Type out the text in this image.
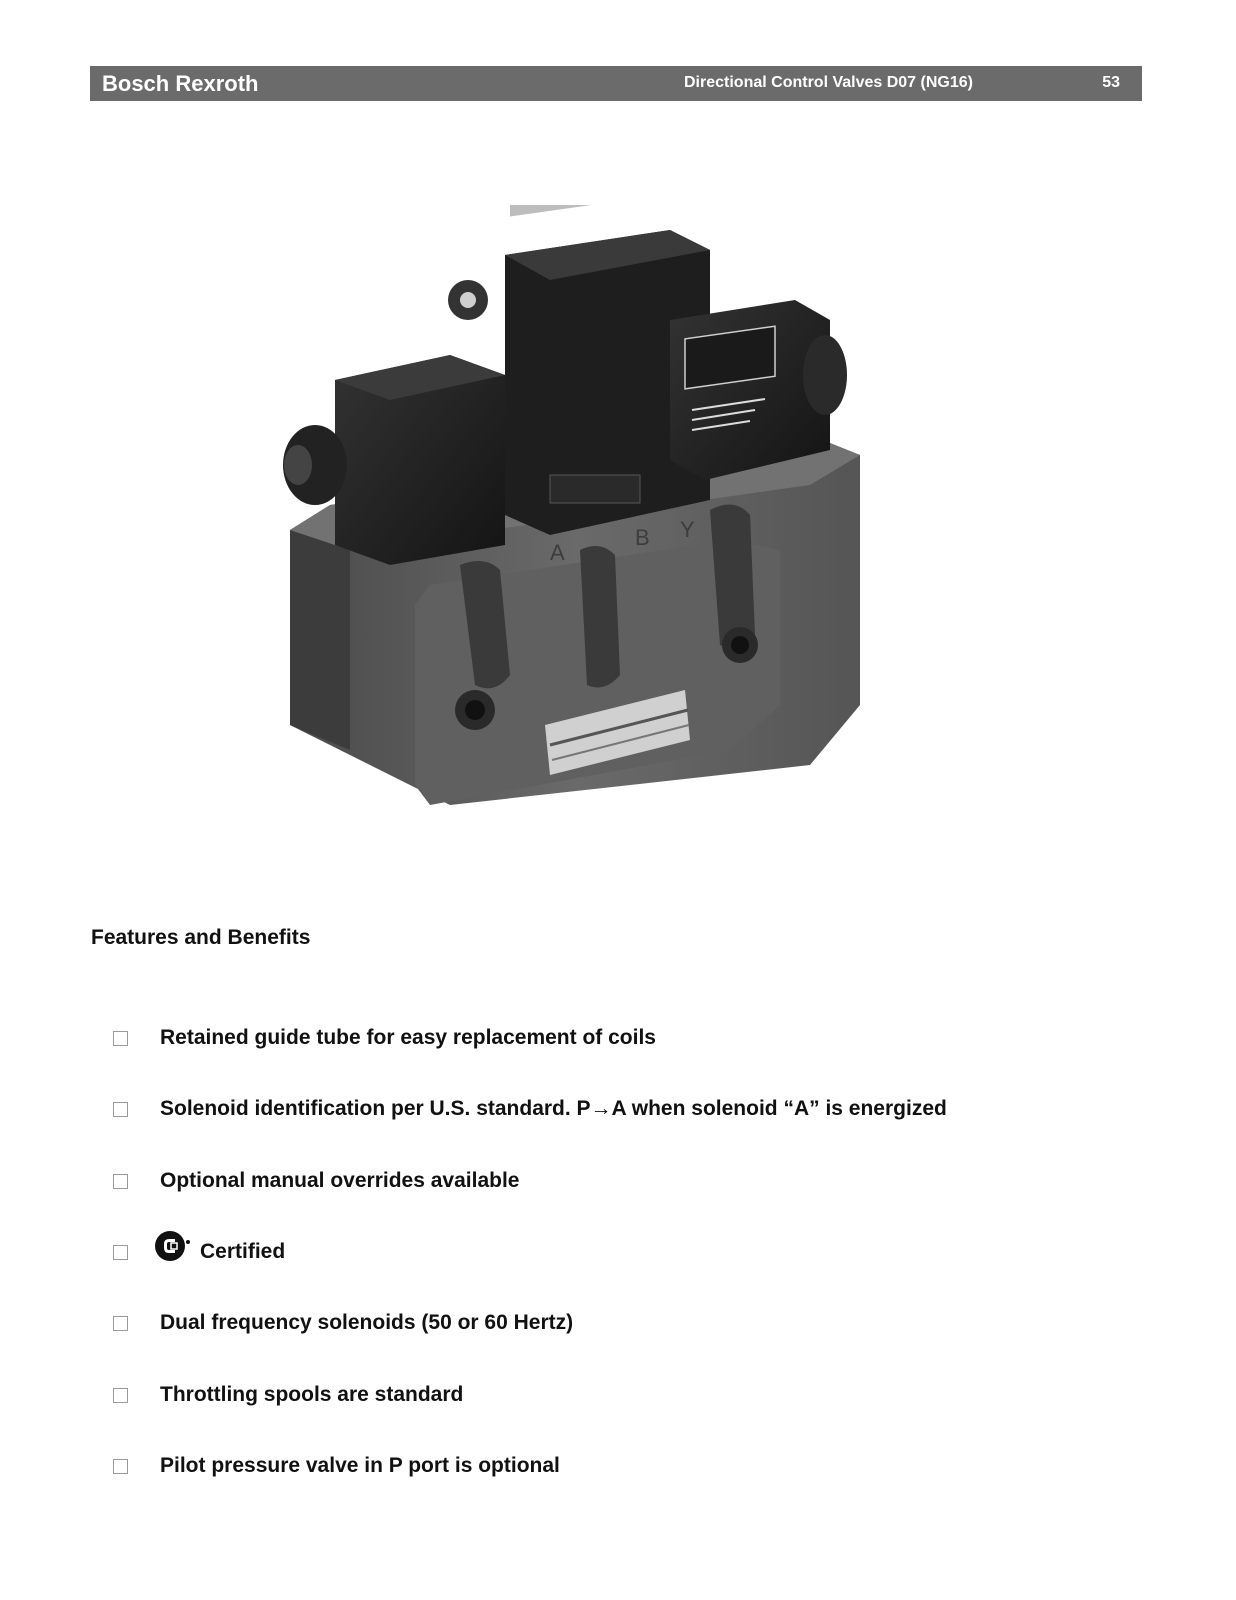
Bosch Rexroth	Directional Control Valves D07 (NG16)	53
A
B Y
Features and Benefits
Retained guide tube for easy replacement of coils
Solenoid identification per U.S. standard. P→A when solenoid “A” is energized
Optional manual overrides available
Certified
Dual frequency solenoids (50 or 60 Hertz)
Throttling spools are standard
Pilot pressure valve in P port is optional
